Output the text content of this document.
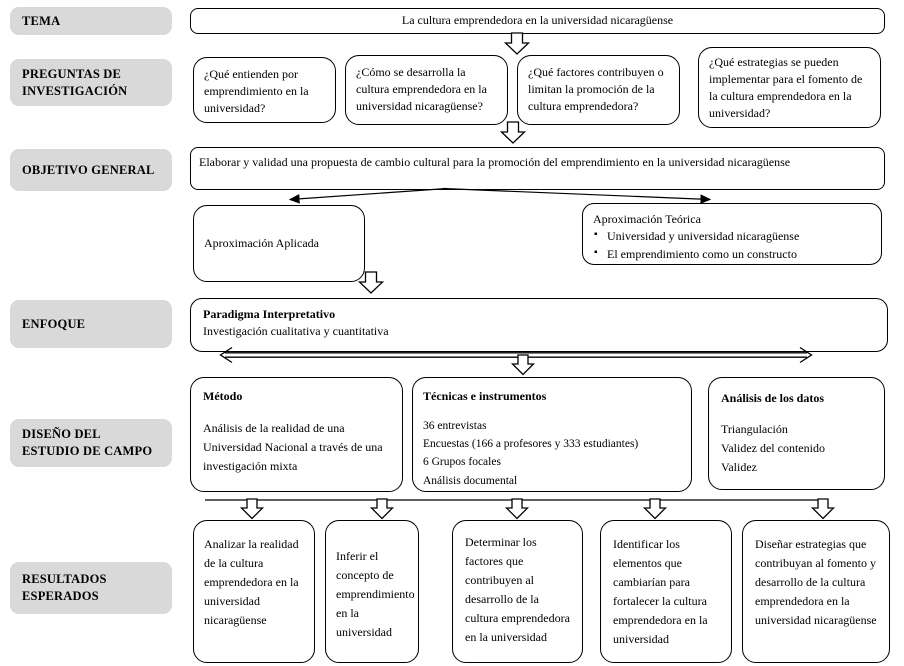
TEMA
PREGUNTAS DE INVESTIGACIÓN
OBJETIVO GENERAL
ENFOQUE
DISEÑO DEL ESTUDIO DE CAMPO
RESULTADOS ESPERADOS
La cultura emprendedora en la universidad nicaragüense
¿Qué entienden por emprendimiento en la universidad?
¿Cómo se desarrolla la cultura emprendedora en la universidad nicaragüense?
¿Qué factores contribuyen o limitan la promoción de la cultura emprendedora?
¿Qué estrategias se pueden implementar para el fomento de la cultura emprendedora en la universidad?
Elaborar y validad una propuesta de cambio cultural para la promoción del emprendimiento en la universidad nicaragüense
Aproximación Aplicada
Aproximación Teórica
▪ Universidad y universidad nicaragüense
▪ El emprendimiento como un constructo
Paradigma Interpretativo
Investigación cualitativa y cuantitativa
Método
Análisis de la realidad de una Universidad Nacional a través de una investigación mixta
Técnicas e instrumentos
36 entrevistas
Encuestas (166 a profesores y 333 estudiantes)
6 Grupos focales
Análisis documental
Análisis de los datos
Triangulación
Validez del contenido
Validez
Analizar la realidad de la cultura emprendedora en la universidad nicaragüense
Inferir el concepto de emprendimiento en la universidad
Determinar los factores que contribuyen al desarrollo de la cultura emprendedora en la universidad
Identificar los elementos que cambiarían para fortalecer la cultura emprendedora en la universidad
Diseñar estrategias que contribuyan al fomento y desarrollo de la cultura emprendedora en la universidad nicaragüense
